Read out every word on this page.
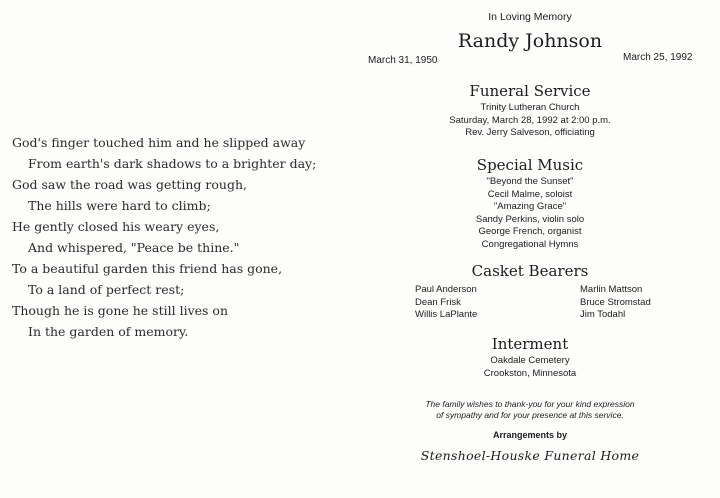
God's finger touched him and he slipped away
From earth's dark shadows to a brighter day;
God saw the road was getting rough,
The hills were hard to climb;
He gently closed his weary eyes,
And whispered, "Peace be thine."
To a beautiful garden this friend has gone,
To a land of perfect rest;
Though he is gone he still lives on
In the garden of memory.
In Loving Memory
Randy Johnson
March 31, 1950	March 25, 1992
Funeral Service
Trinity Lutheran Church
Saturday, March 28, 1992 at 2:00 p.m.
Rev. Jerry Salveson, officiating
Special Music
"Beyond the Sunset"
Cecil Malme, soloist
"Amazing Grace"
Sandy Perkins, violin solo
George French, organist
Congregational Hymns
Casket Bearers
Paul Anderson
Dean Frisk
Willis LaPlante
Marlin Mattson
Bruce Stromstad
Jim Todahl
Interment
Oakdale Cemetery
Crookston, Minnesota
The family wishes to thank-you for your kind expression
of sympathy and for your presence at this service.
Arrangements by
Stenshoel-Houske Funeral Home
